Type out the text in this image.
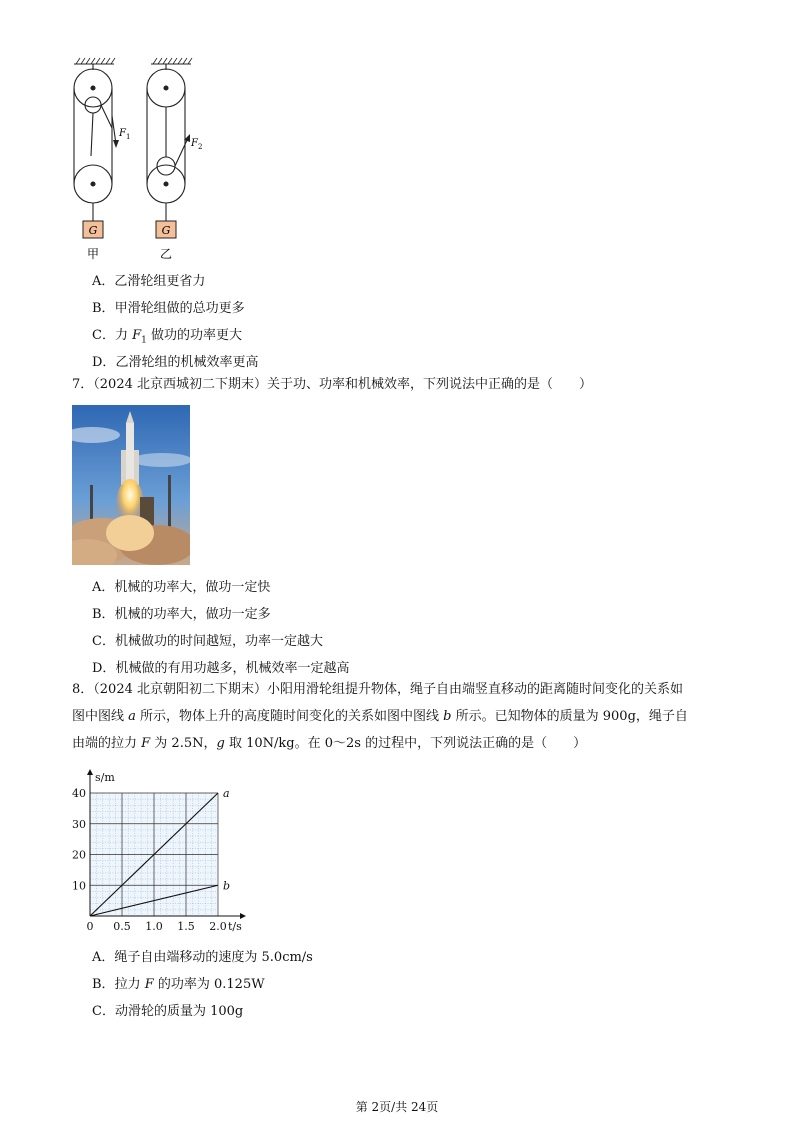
G	G
F 1
F 2
甲	乙
A．乙滑轮组更省力
B．甲滑轮组做的总功更多
C．力 $F_1$ 做功的功率更大
D．乙滑轮组的机械效率更高
7．（2024 北京西城初二下期末）关于功、功率和机械效率，下列说法中正确的是（　　）
A．机械的功率大，做功一定快
B．机械的功率大，做功一定多
C．机械做功的时间越短，功率一定越大
D．机械做的有用功越多，机械效率一定越高
8．（2024 北京朝阳初二下期末）小阳用滑轮组提升物体，绳子自由端竖直移动的距离随时间变化的关系如
图中图线 a 所示，物体上升的高度随时间变化的关系如图中图线 b 所示。已知物体的质量为 900g，绳子自
由端的拉力 F 为 2.5N，g 取 10N/kg。在 0～2s 的过程中，下列说法正确的是（　　）
a
b
0 0.5 1.0 1.5 2.0
10
20
30
40
s/m
t/s
A．绳子自由端移动的速度为 5.0cm/s
B．拉力 F 的功率为 0.125W
C．动滑轮的质量为 100g
第 2页/共 24页
